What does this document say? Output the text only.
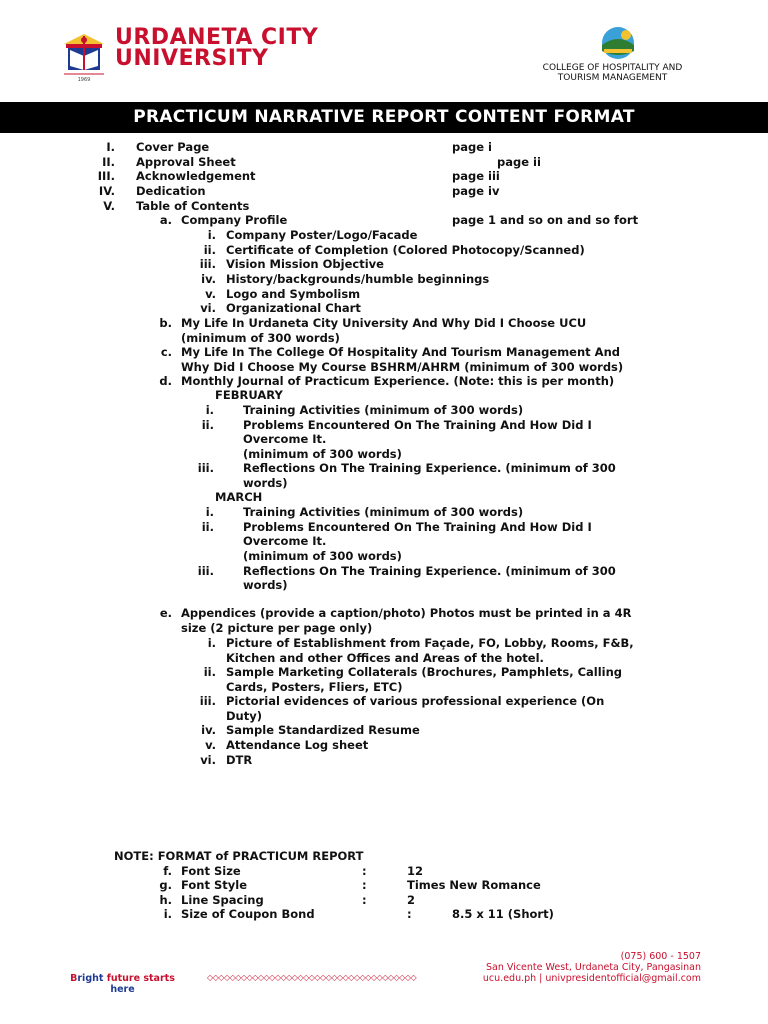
1969
URDANETA CITY
UNIVERSITY	COLLEGE OF HOSPITALITY AND
TOURISM MANAGEMENT
PRACTICUM NARRATIVE REPORT CONTENT FORMAT
I. Cover Page	page i
II. Approval Sheet	page ii
III. Acknowledgement	page iii
IV. Dedication	page iv
V. Table of Contents
a. Company Profile	page 1 and so on and so fort
i. Company Poster/Logo/Facade
ii. Certificate of Completion (Colored Photocopy/Scanned)
iii. Vision Mission Objective
iv. History/backgrounds/humble beginnings
v. Logo and Symbolism
vi. Organizational Chart
b. My Life In Urdaneta City University And Why Did I Choose UCU
(minimum of 300 words)
c. My Life In The College Of Hospitality And Tourism Management And
Why Did I Choose My Course BSHRM/AHRM (minimum of 300 words)
d. Monthly Journal of Practicum Experience. (Note: this is per month)
FEBRUARY
i.	Training Activities (minimum of 300 words)
ii.	Problems Encountered On The Training And How Did I
Overcome It.
(minimum of 300 words)
iii.	Reflections On The Training Experience. (minimum of 300
words)
MARCH
i.	Training Activities (minimum of 300 words)
ii.	Problems Encountered On The Training And How Did I
Overcome It.
(minimum of 300 words)
iii.	Reflections On The Training Experience. (minimum of 300
words)
e. Appendices (provide a caption/photo) Photos must be printed in a 4R
size (2 picture per page only)
i. Picture of Establishment from Façade, FO, Lobby, Rooms, F&B,
Kitchen and other Offices and Areas of the hotel.
ii. Sample Marketing Collaterals (Brochures, Pamphlets, Calling
Cards, Posters, Fliers, ETC)
iii. Pictorial evidences of various professional experience (On
Duty)
iv. Sample Standardized Resume
v. Attendance Log sheet
vi. DTR
NOTE: FORMAT of PRACTICUM REPORT
f. Font Size	:	12
g. Font Style	:	Times New Romance
h. Line Spacing	:	2
i. Size of Coupon Bond	:	8.5 x 11 (Short)
(075) 600 - 1507
San Vicente West, Urdaneta City, Pangasinan
ucu.edu.ph | univpresidentofficial@gmail.com
Bright future starts
here
◇◇◇◇◇◇◇◇◇◇◇◇◇◇◇◇◇◇◇◇◇◇◇◇◇◇◇◇◇◇◇◇◇◇◇◇◇
